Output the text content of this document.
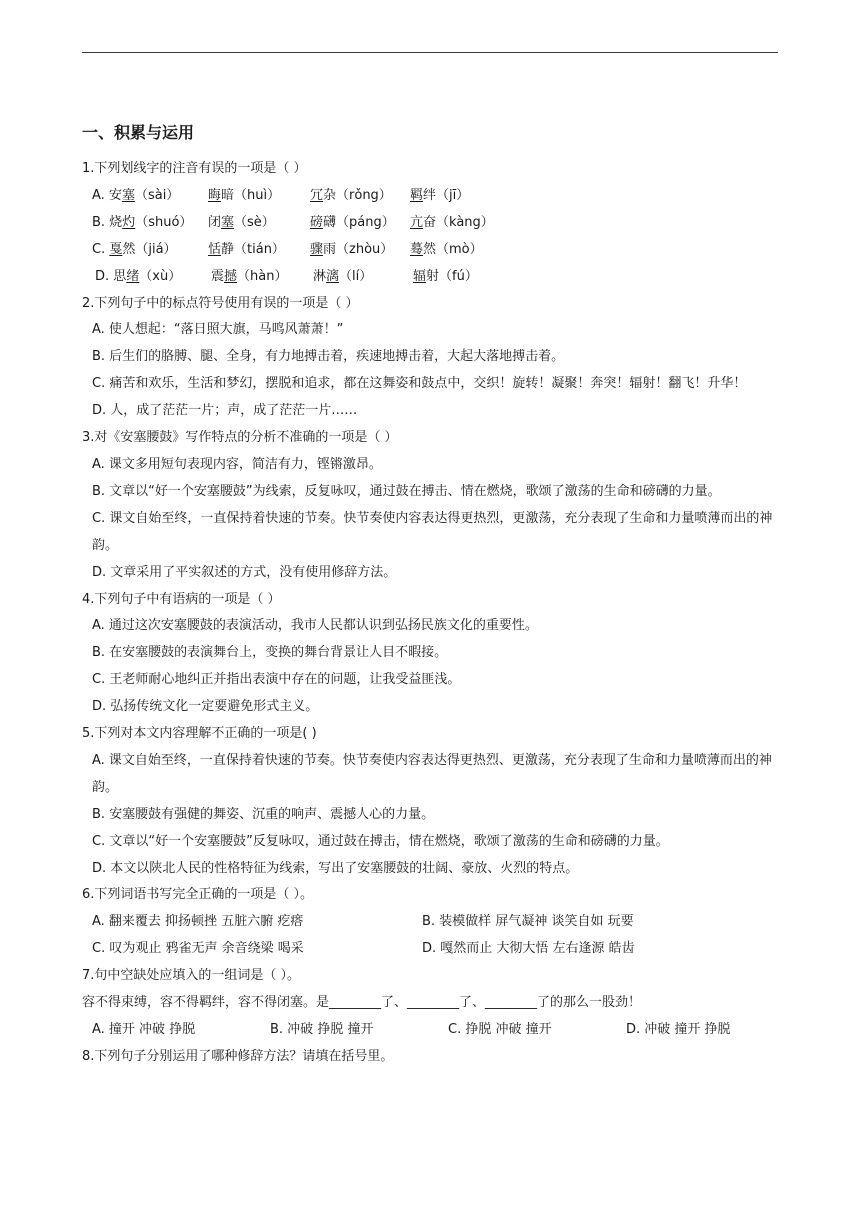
一、积累与运用

1.下列划线字的注音有误的一项是（ ）

A. 安塞（sài）	晦暗（huì）	冗杂（rǒng）	羁绊（jī）
B. 烧灼（shuó）	闭塞（sè）	磅礴（páng）	亢奋（kàng）
C. 戛然（jiá）	恬静（tián）	骤雨（zhòu）	蓦然（mò）
D. 思绪（xù）	震撼（hàn）	淋漓（lí）	辐射（fú）

2.下列句子中的标点符号使用有误的一项是（ ）

A. 使人想起：“落日照大旗，马鸣风萧萧！”

B. 后生们的胳膊、腿、全身，有力地搏击着，疾速地搏击着，大起大落地搏击着。

C. 痛苦和欢乐，生活和梦幻，摆脱和追求，都在这舞姿和鼓点中，交织！旋转！凝聚！奔突！辐射！翻飞！升华！

D. 人，成了茫茫一片；声，成了茫茫一片……

3.对《安塞腰鼓》写作特点的分析不准确的一项是（ ）

A. 课文多用短句表现内容，简洁有力，铿锵激昂。

B. 文章以“好一个安塞腰鼓”为线索，反复咏叹，通过鼓在搏击、情在燃烧，歌颂了激荡的生命和磅礴的力量。

C. 课文自始至终，一直保持着快速的节奏。快节奏使内容表达得更热烈，更激荡，充分表现了生命和力量喷薄而出的神韵。

D. 文章采用了平实叙述的方式，没有使用修辞方法。

4.下列句子中有语病的一项是（ ）

A. 通过这次安塞腰鼓的表演活动，我市人民都认识到弘扬民族文化的重要性。

B. 在安塞腰鼓的表演舞台上，变换的舞台背景让人目不暇接。

C. 王老师耐心地纠正并指出表演中存在的问题，让我受益匪浅。

D. 弘扬传统文化一定要避免形式主义。

5.下列对本文内容理解不正确的一项是( )

A. 课文自始至终，一直保持着快速的节奏。快节奏使内容表达得更热烈、更激荡，充分表现了生命和力量喷薄而出的神韵。

B. 安塞腰鼓有强健的舞姿、沉重的响声、震撼人心的力量。

C. 文章以“好一个安塞腰鼓”反复咏叹，通过鼓在搏击，情在燃烧，歌颂了激荡的生命和磅礴的力量。

D. 本文以陕北人民的性格特征为线索，写出了安塞腰鼓的壮阔、豪放、火烈的特点。

6.下列词语书写完全正确的一项是（ ）。

A. 翻来覆去 抑扬顿挫 五脏六腑 疙瘩	B. 装模做样 屏气凝神 谈笑自如 玩要
C. 叹为观止 鸦雀无声 余音绕梁 喝采	D. 嘎然而止 大彻大悟 左右逢源 皓齿

7.句中空缺处应填入的一组词是（ ）。

容不得束缚，容不得羁绊，容不得闭塞。是________了、________了、________了的那么一股劲！

A. 撞开 冲破 挣脱	B. 冲破 挣脱 撞开	C. 挣脱 冲破 撞开	D. 冲破 撞开 挣脱

8.下列句子分别运用了哪种修辞方法？请填在括号里。
